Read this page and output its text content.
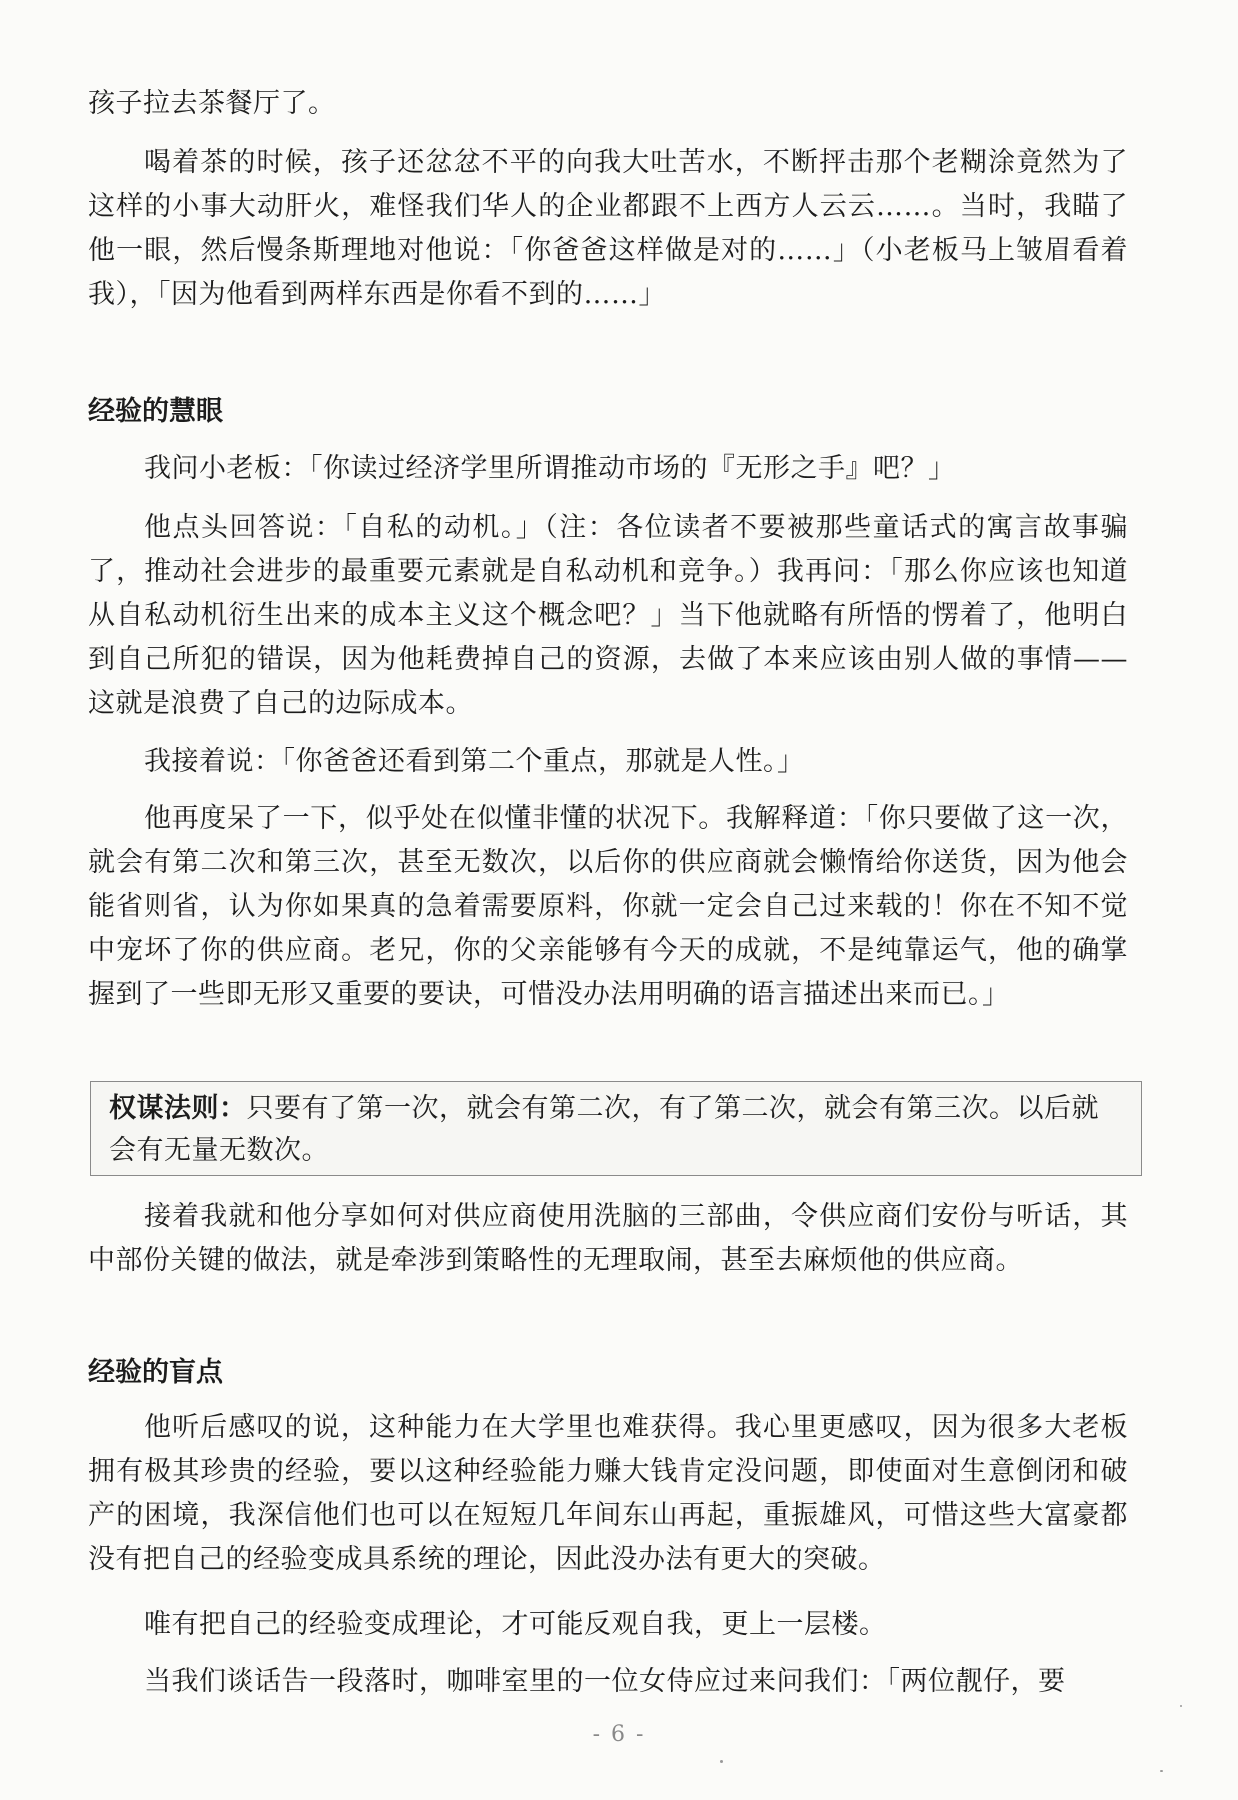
孩子拉去茶餐厅了。

喝着茶的时候，孩子还忿忿不平的向我大吐苦水，不断抨击那个老糊涂竟然为了这样的小事大动肝火，难怪我们华人的企业都跟不上西方人云云……。当时，我瞄了他一眼，然后慢条斯理地对他说：「你爸爸这样做是对的……」（小老板马上皱眉看着我），「因为他看到两样东西是你看不到的……」

经验的慧眼

我问小老板：「你读过经济学里所谓推动市场的『无形之手』吧？」

他点头回答说：「自私的动机。」（注：各位读者不要被那些童话式的寓言故事骗了，推动社会进步的最重要元素就是自私动机和竞争。）我再问：「那么你应该也知道从自私动机衍生出来的成本主义这个概念吧？」当下他就略有所悟的愣着了，他明白到自己所犯的错误，因为他耗费掉自己的资源，去做了本来应该由别人做的事情——这就是浪费了自己的边际成本。

我接着说：「你爸爸还看到第二个重点，那就是人性。」

他再度呆了一下，似乎处在似懂非懂的状况下。我解释道：「你只要做了这一次，就会有第二次和第三次，甚至无数次，以后你的供应商就会懒惰给你送货，因为他会能省则省，认为你如果真的急着需要原料，你就一定会自己过来载的！你在不知不觉中宠坏了你的供应商。老兄，你的父亲能够有今天的成就，不是纯靠运气，他的确掌握到了一些即无形又重要的要诀，可惜没办法用明确的语言描述出来而已。」

权谋法则：只要有了第一次，就会有第二次，有了第二次，就会有第三次。以后就会有无量无数次。

接着我就和他分享如何对供应商使用洗脑的三部曲，令供应商们安份与听话，其中部份关键的做法，就是牵涉到策略性的无理取闹，甚至去麻烦他的供应商。

经验的盲点

他听后感叹的说，这种能力在大学里也难获得。我心里更感叹，因为很多大老板拥有极其珍贵的经验，要以这种经验能力赚大钱肯定没问题，即使面对生意倒闭和破产的困境，我深信他们也可以在短短几年间东山再起，重振雄风，可惜这些大富豪都没有把自己的经验变成具系统的理论，因此没办法有更大的突破。

唯有把自己的经验变成理论，才可能反观自我，更上一层楼。

当我们谈话告一段落时，咖啡室里的一位女侍应过来问我们：「两位靓仔，要

- 6 -
